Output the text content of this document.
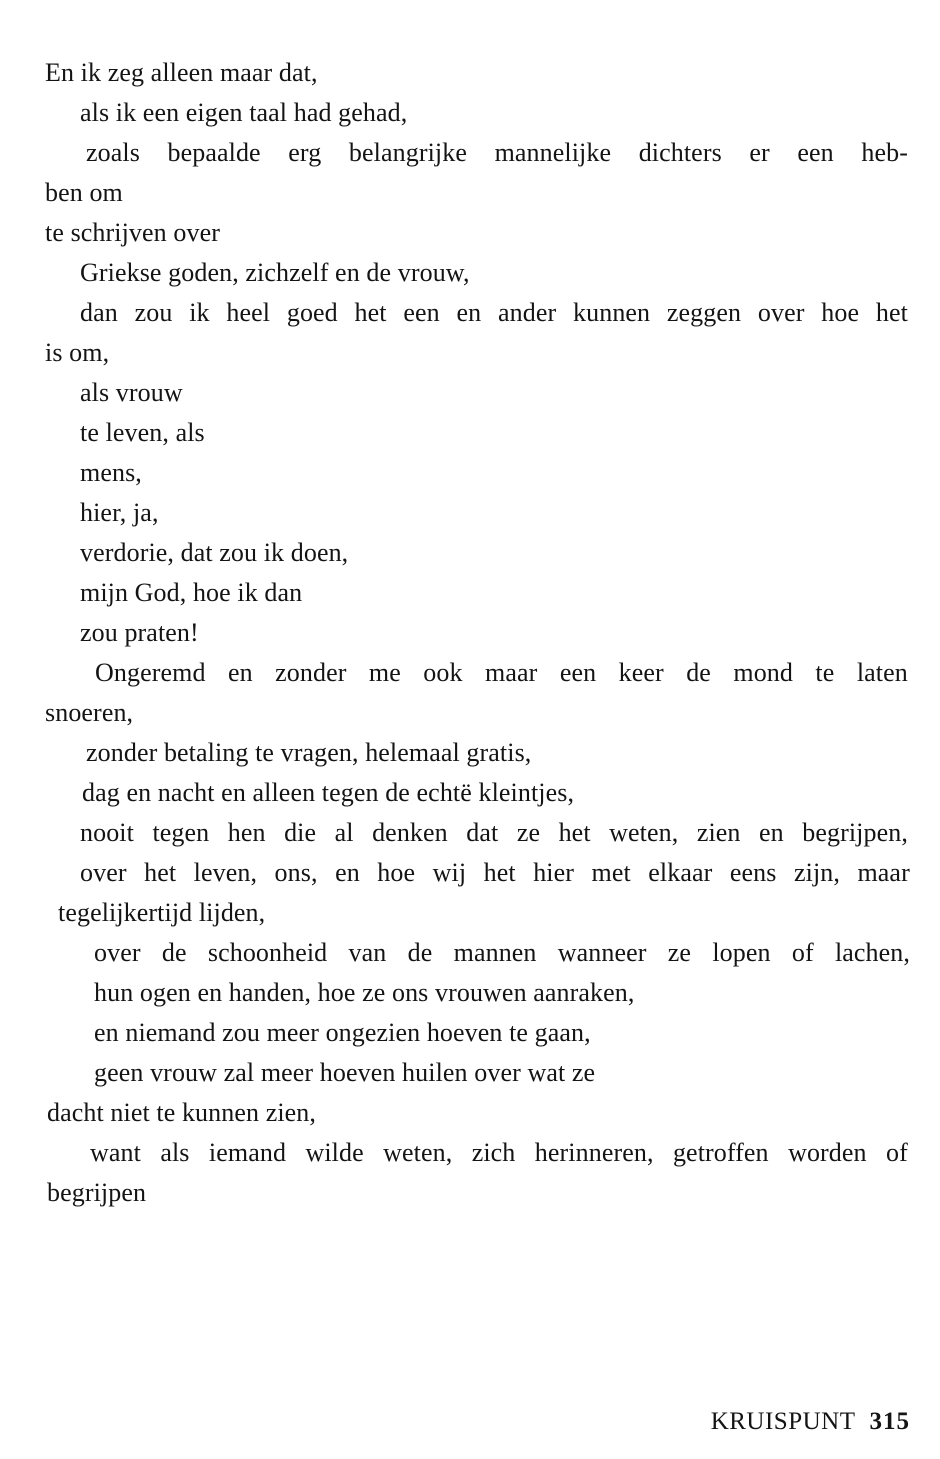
En ik zeg alleen maar dat,
als ik een eigen taal had gehad,
zoals bepaalde erg belangrijke mannelijke dichters er een heb-
ben om
te schrijven over
Griekse goden, zichzelf en de vrouw,
dan zou ik heel goed het een en ander kunnen zeggen over hoe het
is om,
als vrouw
te leven, als
mens,
hier, ja,
verdorie, dat zou ik doen,
mijn God, hoe ik dan
zou praten!
Ongeremd en zonder me ook maar een keer de mond te laten
snoeren,
zonder betaling te vragen, helemaal gratis,
dag en nacht en alleen tegen de echtë kleintjes,
nooit tegen hen die al denken dat ze het weten, zien en begrijpen,
over het leven, ons, en hoe wij het hier met elkaar eens zijn, maar
tegelijkertijd lijden,
over de schoonheid van de mannen wanneer ze lopen of lachen,
hun ogen en handen, hoe ze ons vrouwen aanraken,
en niemand zou meer ongezien hoeven te gaan,
geen vrouw zal meer hoeven huilen over wat ze
dacht niet te kunnen zien,
want als iemand wilde weten, zich herinneren, getroffen worden of
begrijpen
KRUISPUNT 315
